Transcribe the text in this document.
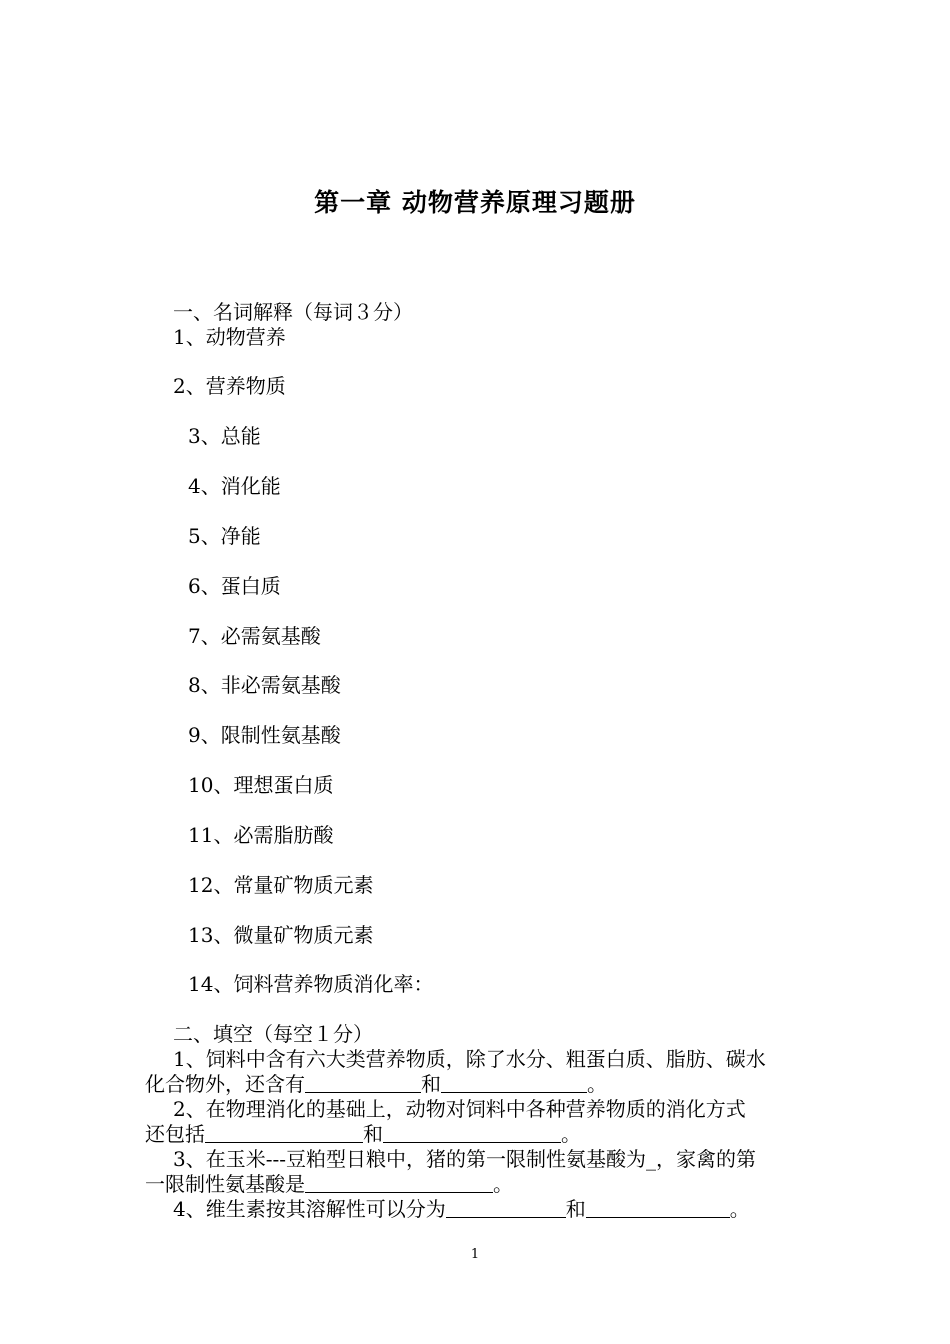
第一章 动物营养原理习题册
一、名词解释（每词３分）
1、动物营养
2、营养物质
3、总能
4、消化能
5、净能
6、蛋白质
7、必需氨基酸
8、非必需氨基酸
9、限制性氨基酸
10、理想蛋白质
11、必需脂肪酸
12、常量矿物质元素
13、微量矿物质元素
14、饲料营养物质消化率：
二、填空（每空１分）
1、饲料中含有六大类营养物质，除了水分、粗蛋白质、脂肪、碳水
化合物外，还含有	和	。
2、在物理消化的基础上，动物对饲料中各种营养物质的消化方式
还包括	和	。
3、在玉米---豆粕型日粮中，猪的第一限制性氨基酸为_，家禽的第
一限制性氨基酸是	。
4、维生素按其溶解性可以分为	和	。
1
